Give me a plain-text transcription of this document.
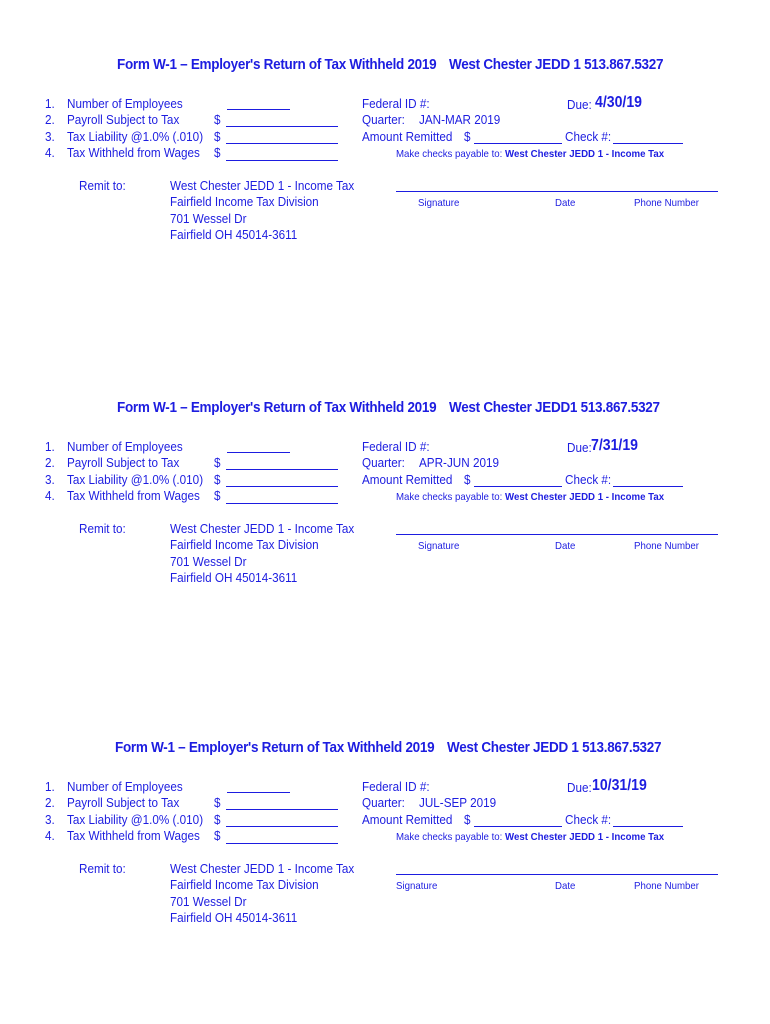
Form W-1 – Employer's Return of Tax Withheld 2019 West Chester JEDD 1 513.867.5327
1. Number of Employees
2. Payroll Subject to Tax	$
3. Tax Liability @1.0% (.010) $
4. Tax Withheld from Wages $
Federal ID #:	Due: 4/30/19
Quarter: JAN-MAR 2019
Amount Remitted $	Check #:
Make checks payable to: West Chester JEDD 1 - Income Tax
Remit to:	West Chester JEDD 1 - Income Tax
Fairfield Income Tax Division
701 Wessel Dr
Fairfield OH 45014-3611
Signature	Date	Phone Number
Form W-1 – Employer's Return of Tax Withheld 2019 West Chester JEDD1 513.867.5327
1. Number of Employees
2. Payroll Subject to Tax	$
3. Tax Liability @1.0% (.010) $
4. Tax Withheld from Wages $
Federal ID #:	Due: 7/31/19
Quarter: APR-JUN 2019
Amount Remitted $	Check #:
Make checks payable to: West Chester JEDD 1 - Income Tax
Remit to:	West Chester JEDD 1 - Income Tax
Fairfield Income Tax Division
701 Wessel Dr
Fairfield OH 45014-3611
Signature	Date	Phone Number
Form W-1 – Employer's Return of Tax Withheld 2019 West Chester JEDD 1 513.867.5327
1. Number of Employees
2. Payroll Subject to Tax	$
3. Tax Liability @1.0% (.010) $
4. Tax Withheld from Wages $
Federal ID #:	Due: 10/31/19
Quarter: JUL-SEP 2019
Amount Remitted $	Check #:
Make checks payable to: West Chester JEDD 1 - Income Tax
Remit to:	West Chester JEDD 1 - Income Tax
Fairfield Income Tax Division
701 Wessel Dr
Fairfield OH 45014-3611
Signature	Date	Phone Number
